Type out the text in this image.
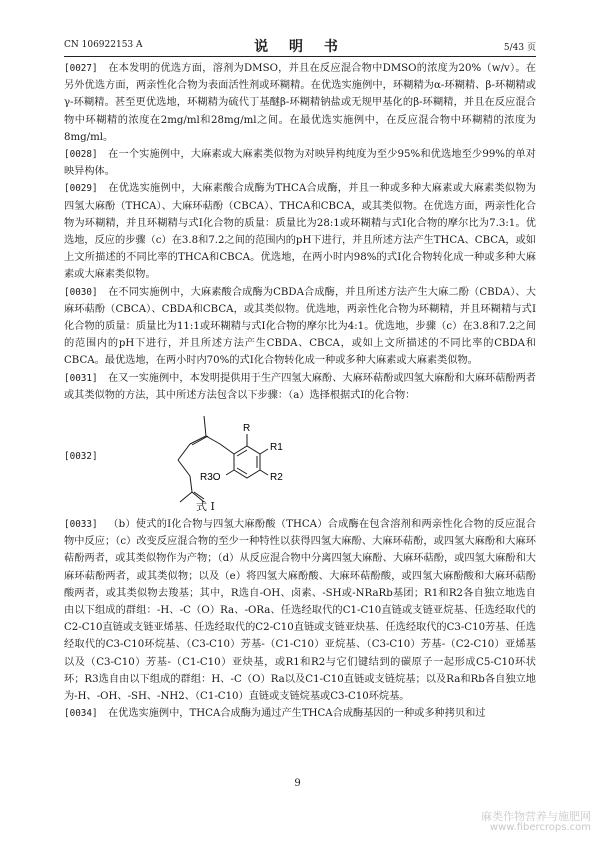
CN 106922153 A	说 明 书	5/43 页

[0027] 在本发明的优选方面，溶剂为DMSO，并且在反应混合物中DMSO的浓度为20%（w/v）。在另外优选方面，两亲性化合物为表面活性剂或环糊精。在优选实施例中，环糊精为α-环糊精、β-环糊精或γ-环糊精。甚至更优选地，环糊精为硫代丁基醚β-环糊精钠盐或无规甲基化的β-环糊精，并且在反应混合物中环糊精的浓度在2mg/ml和28mg/ml之间。在最优选实施例中，在反应混合物中环糊精的浓度为8mg/ml。

[0028] 在一个实施例中，大麻素或大麻素类似物为对映异构纯度为至少95%和优选地至少99%的单对映异构体。

[0029] 在优选实施例中，大麻素酸合成酶为THCA合成酶，并且一种或多种大麻素或大麻素类似物为四氢大麻酚（THCA）、大麻环萜酚（CBCA）、THCA和CBCA，或其类似物。在优选方面，两亲性化合物为环糊精，并且环糊精与式I化合物的质量：质量比为28:1或环糊精与式I化合物的摩尔比为7.3:1。优选地，反应的步骤（c）在3.8和7.2之间的范围内的pH下进行，并且所述方法产生THCA、CBCA，或如上文所描述的不同比率的THCA和CBCA。优选地，在两小时内98%的式I化合物转化成一种或多种大麻素或大麻素类似物。

[0030] 在不同实施例中，大麻素酸合成酶为CBDA合成酶，并且所述方法产生大麻二酚（CBDA）、大麻环萜酚（CBCA）、CBDA和CBCA，或其类似物。优选地，两亲性化合物为环糊精，并且环糊精与式I化合物的质量：质量比为11:1或环糊精与式I化合物的摩尔比为4:1。优选地，步骤（c）在3.8和7.2之间的范围内的pH下进行，并且所述方法产生CBDA、CBCA，或如上文所描述的不同比率的CBDA和CBCA。最优选地，在两小时内70%的式I化合物转化成一种或多种大麻素或大麻素类似物。

[0031] 在又一实施例中，本发明提供用于生产四氢大麻酚、大麻环萜酚或四氢大麻酚和大麻环萜酚两者或其类似物的方法，其中所述方法包含以下步骤：（a）选择根据式I的化合物：

[0032]
R
R1
R2
R3O
式 I

[0033] （b）使式的I化合物与四氢大麻酚酸（THCA）合成酶在包含溶剂和两亲性化合物的反应混合物中反应；（c）改变反应混合物的至少一种特性以获得四氢大麻酚、大麻环萜酚，或四氢大麻酚和大麻环萜酚两者，或其类似物作为产物；（d）从反应混合物中分离四氢大麻酚、大麻环萜酚，或四氢大麻酚和大麻环萜酚两者，或其类似物；以及（e）将四氢大麻酚酸、大麻环萜酚酸，或四氢大麻酚酸和大麻环萜酚酸两者，或其类似物去羧基；其中，R选自-OH、卤素、-SH或-NRaRb基团；R1和R2各自独立地选自由以下组成的群组：-H、-C（O）Ra、-ORa、任选经取代的C1-C10直链或支链亚烷基、任选经取代的C2-C10直链或支链亚烯基、任选经取代的C2-C10直链或支链亚炔基、任选经取代的C3-C10芳基、任选经取代的C3-C10环烷基、（C3-C10）芳基-（C1-C10）亚烷基、（C3-C10）芳基-（C2-C10）亚烯基以及（C3-C10）芳基-（C1-C10）亚炔基，或R1和R2与它们键结到的碳原子一起形成C5-C10环状环；R3选自由以下组成的群组：H、-C（O）Ra以及C1-C10直链或支链烷基；以及Ra和Rb各自独立地为-H、-OH、-SH、-NH2、（C1-C10）直链或支链烷基或C3-C10环烷基。

[0034] 在优选实施例中，THCA合成酶为通过产生THCA合成酶基因的一种或多种拷贝和过

9
麻类作物营养与施肥网
www.fibercrops.com
